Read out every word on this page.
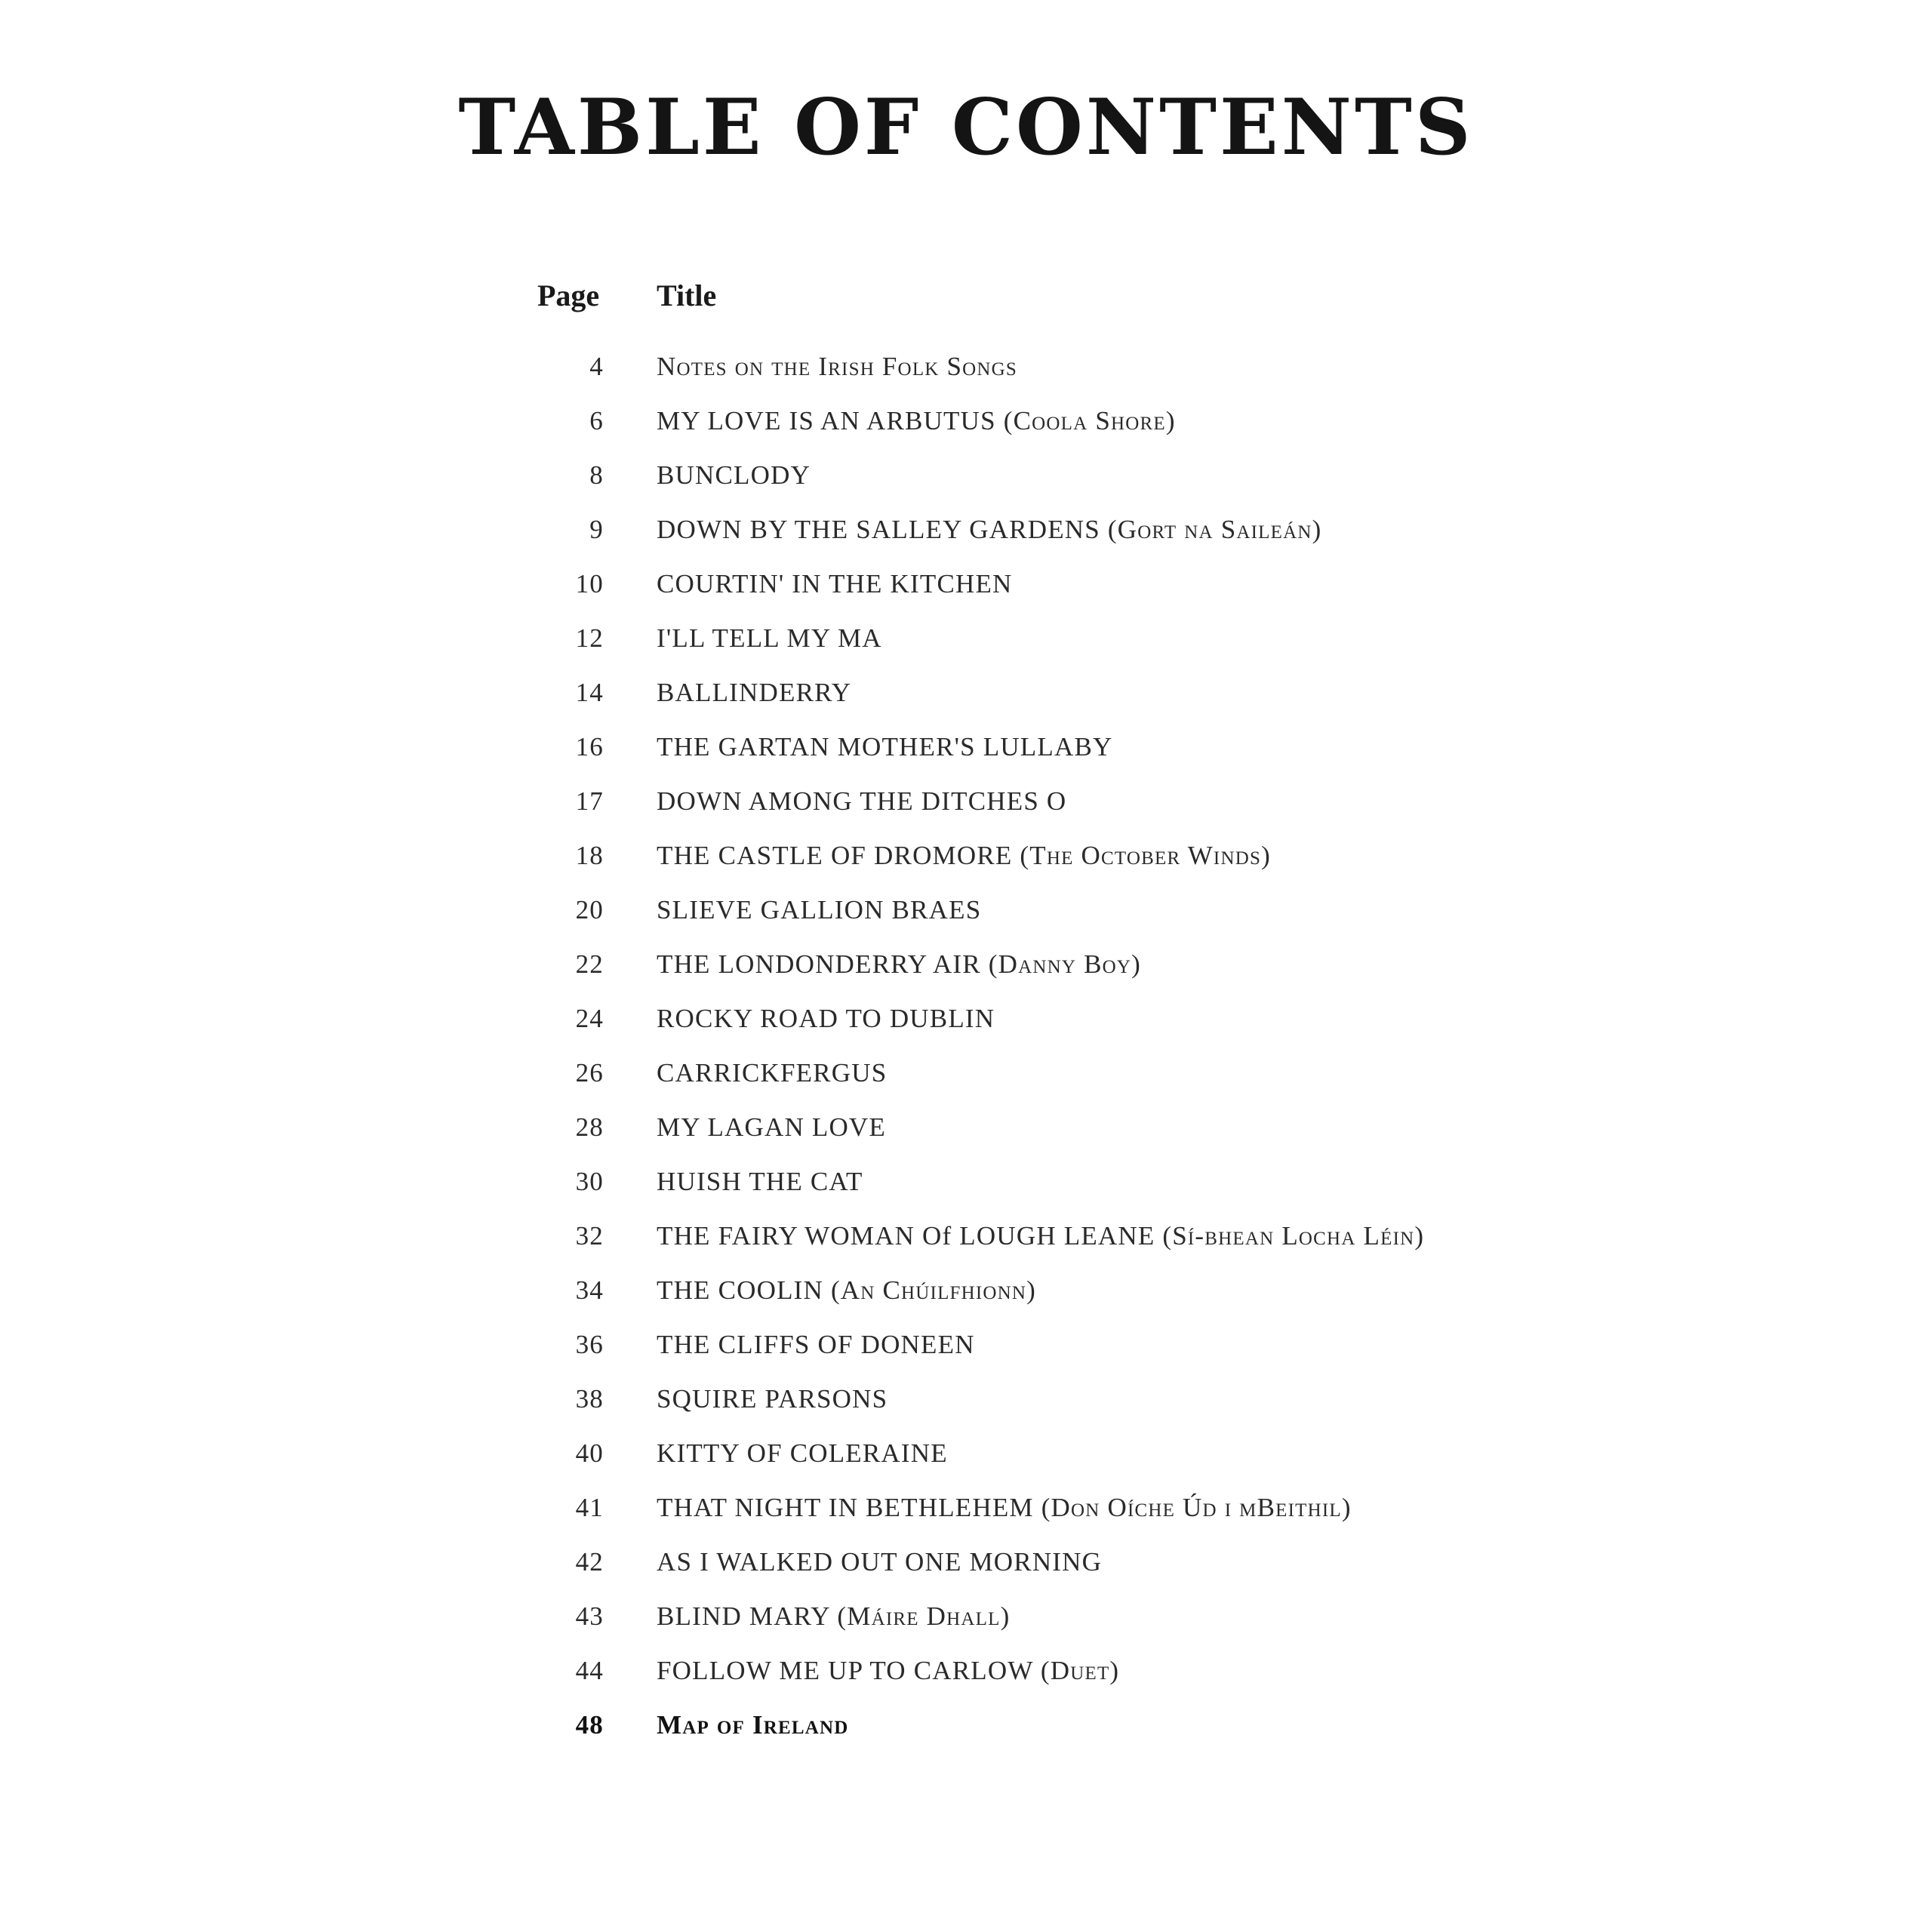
TABLE OF CONTENTS
Page Title
4 Notes on the Irish Folk Songs
6 MY LOVE IS AN ARBUTUS (Coola Shore)
8 BUNCLODY
9 DOWN BY THE SALLEY GARDENS (Gort na Saileán)
10 COURTIN' IN THE KITCHEN
12 I'LL TELL MY MA
14 BALLINDERRY
16 THE GARTAN MOTHER'S LULLABY
17 DOWN AMONG THE DITCHES O
18 THE CASTLE OF DROMORE (The October Winds)
20 SLIEVE GALLION BRAES
22 THE LONDONDERRY AIR (Danny Boy)
24 ROCKY ROAD TO DUBLIN
26 CARRICKFERGUS
28 MY LAGAN LOVE
30 HUISH THE CAT
32 THE FAIRY WOMAN Of LOUGH LEANE (Sí-bhean Locha Léin)
34 THE COOLIN (An Chúilfhionn)
36 THE CLIFFS OF DONEEN
38 SQUIRE PARSONS
40 KITTY OF COLERAINE
41 THAT NIGHT IN BETHLEHEM (Don Oíche Úd i mBeithil)
42 AS I WALKED OUT ONE MORNING
43 BLIND MARY (Máire Dhall)
44 FOLLOW ME UP TO CARLOW (Duet)
48 Map of Ireland
